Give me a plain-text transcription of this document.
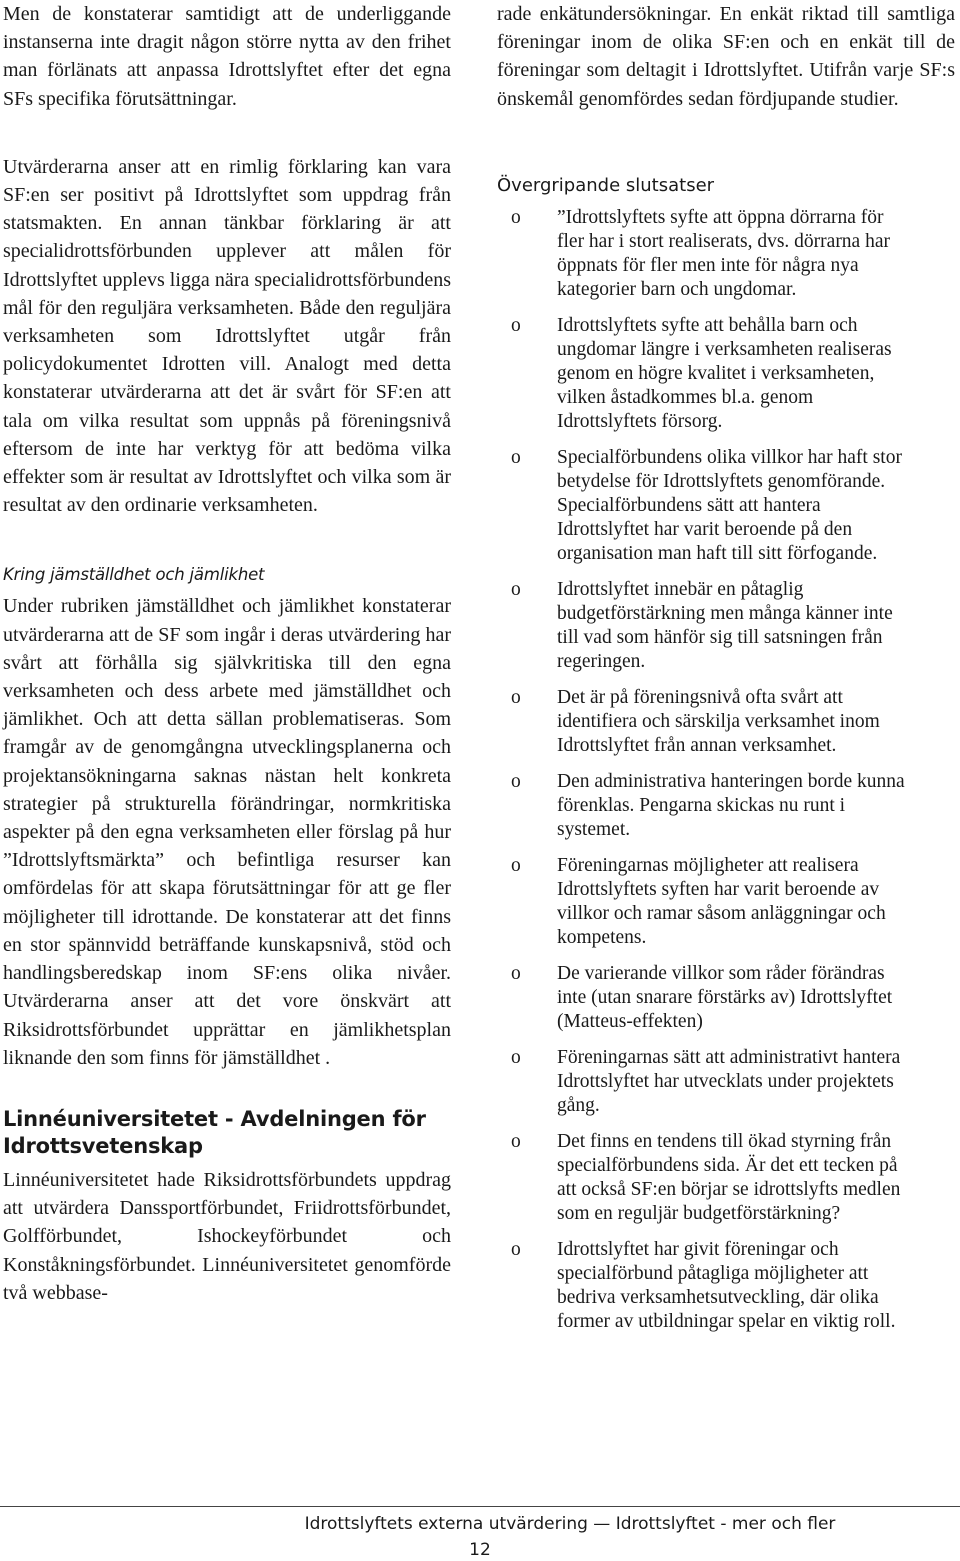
Men de konstaterar samtidigt att de underliggande instanserna inte dragit någon större nytta av den frihet man förlänats att anpassa Idrottslyftet efter det egna SFs specifika förutsättningar.

Utvärderarna anser att en rimlig förklaring kan vara SF:en ser positivt på Idrottslyftet som uppdrag från statsmakten. En annan tänkbar förklaring är att specialidrottsförbunden upplever att målen för Idrottslyftet upplevs ligga nära specialidrottsförbundens mål för den reguljära verksamheten. Både den reguljära verksamheten som Idrottslyftet utgår från policydokumentet Idrotten vill. Analogt med detta konstaterar utvärderarna att det är svårt för SF:en att tala om vilka resultat som uppnås på föreningsnivå eftersom de inte har verktyg för att bedöma vilka effekter som är resultat av Idrottslyftet och vilka som är resultat av den ordinarie verksamheten.

Kring jämställdhet och jämlikhet

Under rubriken jämställdhet och jämlikhet konstaterar utvärderarna att de SF som ingår i deras utvärdering har svårt att förhålla sig självkritiska till den egna verksamheten och dess arbete med jämställdhet och jämlikhet. Och att detta sällan problematiseras. Som framgår av de genomgångna utvecklingsplanerna och projektansökningarna saknas nästan helt konkreta strategier på strukturella förändringar, normkritiska aspekter på den egna verksamheten eller förslag på hur ”Idrottslyftsmärkta” och befintliga resurser kan omfördelas för att skapa förutsättningar för att ge fler möjligheter till idrottande. De konstaterar att det finns en stor spännvidd beträffande kunskapsnivå, stöd och handlingsberedskap inom SF:ens olika nivåer. Utvärderarna anser att det vore önskvärt att Riksidrottsförbundet upprättar en jämlikhetsplan liknande den som finns för jämställdhet .

Linnéuniversitetet - Avdelningen för Idrottsvetenskap

Linnéuniversitetet hade Riksidrottsförbundets uppdrag att utvärdera Danssportförbundet, Friidrottsförbundet, Golfförbundet, Ishockeyförbundet och Konståkningsförbundet. Linnéuniversitetet genomförde två webbase-

rade enkätundersökningar. En enkät riktad till samtliga föreningar inom de olika SF:en och en enkät till de föreningar som deltagit i Idrottslyftet. Utifrån varje SF:s önskemål genomfördes sedan fördjupande studier.

Övergripande slutsatser
o ”Idrottslyftets syfte att öppna dörrarna för fler har i stort realiserats, dvs. dörrarna har öppnats för fler men inte för några nya kategorier barn och ungdomar.
o Idrottslyftets syfte att behålla barn och ungdomar längre i verksamheten realiseras genom en högre kvalitet i verksamheten, vilken åstadkommes bl.a. genom Idrottslyftets försorg.
o Specialförbundens olika villkor har haft stor betydelse för Idrottslyftets genomförande. Specialförbundens sätt att hantera Idrottslyftet har varit beroende på den organisation man haft till sitt förfogande.
o Idrottslyftet innebär en påtaglig budgetförstärkning men många känner inte till vad som hänför sig till satsningen från regeringen.
o Det är på föreningsnivå ofta svårt att identifiera och särskilja verksamhet inom Idrottslyftet från annan verksamhet.
o Den administrativa hanteringen borde kunna förenklas. Pengarna skickas nu runt i systemet.
o Föreningarnas möjligheter att realisera Idrottslyftets syften har varit beroende av villkor och ramar såsom anläggningar och kompetens.
o De varierande villkor som råder förändras inte (utan snarare förstärks av) Idrottslyftet (Matteus-effekten)
o Föreningarnas sätt att administrativt hantera Idrottslyftet har utvecklats under projektets gång.
o Det finns en tendens till ökad styrning från specialförbundens sida. Är det ett tecken på att också SF:en börjar se idrottslyfts medlen som en reguljär budgetförstärkning?
o Idrottslyftet har givit föreningar och specialförbund påtagliga möjligheter att bedriva verksamhetsutveckling, där olika former av utbildningar spelar en viktig roll.
Idrottslyftets externa utvärdering — Idrottslyftet - mer och fler
12
